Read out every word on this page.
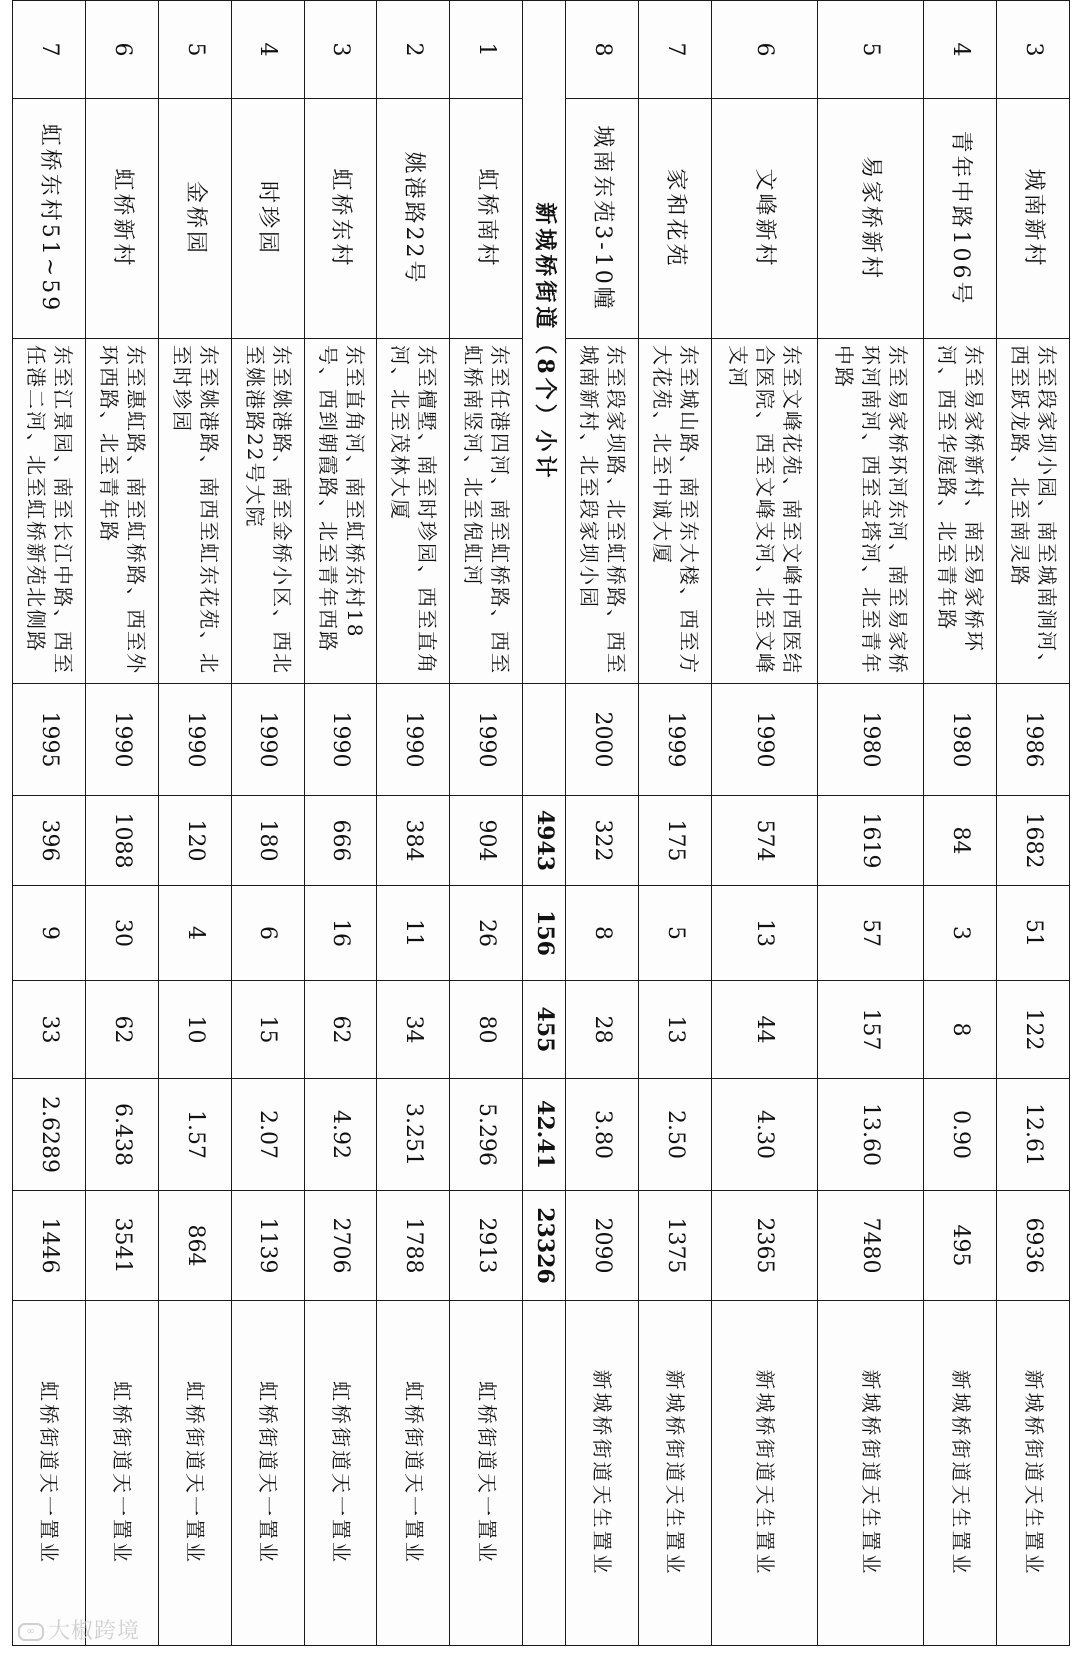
3	城南新村	东至段家坝小园、南至城南涧河、西至跃龙路、北至南灵路	1986	1682	51	122	12.61	6936	新城桥街道天生置业
4	青年中路106号	东至易家桥新村、南至易家桥环河、西至华庭路、北至青年路	1980	84	3	8	0.90	495	新城桥街道天生置业
5	易家桥新村	东至易家桥环河东河、南至易家桥环河南河、西至宝塔河、北至青年中路	1980	1619	57	157	13.60	7480	新城桥街道天生置业
6	文峰新村	东至文峰花苑、南至文峰中西医结合医院、西至文峰支河、北至文峰支河	1990	574	13	44	4.30	2365	新城桥街道天生置业
7	家和花苑	东至城山路、南至东大楼、西至方大花苑、北至中诚大厦	1999	175	5	13	2.50	1375	新城桥街道天生置业
8	城南东苑3-10幢	东至段家坝路、北至虹桥路、西至城南新村、北至段家坝小园	2000	322	8	28	3.80	2090	新城桥街道天生置业
新城桥街道（8个）小计				4943	156	455	42.41	23326	
1	虹桥南村	东至任港四河、南至虹桥路、西至虹桥南竖河、北至倪虹河	1990	904	26	80	5.296	2913	虹桥街道天一置业
2	姚港路22号	东至檀墅、南至时珍园、西至直角河、北至茂林大厦	1990	384	11	34	3.251	1788	虹桥街道天一置业
3	虹桥东村	东至直角河、南至虹桥东村18号、西到朝霞路、北至青年西路	1990	666	16	62	4.92	2706	虹桥街道天一置业
4	时珍园	东至姚港路、南至金桥小区、西北至姚港路22号大院	1990	180	6	15	2.07	1139	虹桥街道天一置业
5	金桥园	东至姚港路、南西至虹东花苑、北至时珍园	1990	120	4	10	1.57	864	虹桥街道天一置业
6	虹桥新村	东至惠虹路、南至虹桥路、西至外环西路、北至青年路	1990	1088	30	62	6.438	3541	虹桥街道天一置业
7	虹桥东村51~59	东至江景园、南至长江中路、西至任港二河、北至虹桥新苑北侧路	1995	396	9	33	2.6289	1446	虹桥街道天一置业
∞ 大椒跨境
